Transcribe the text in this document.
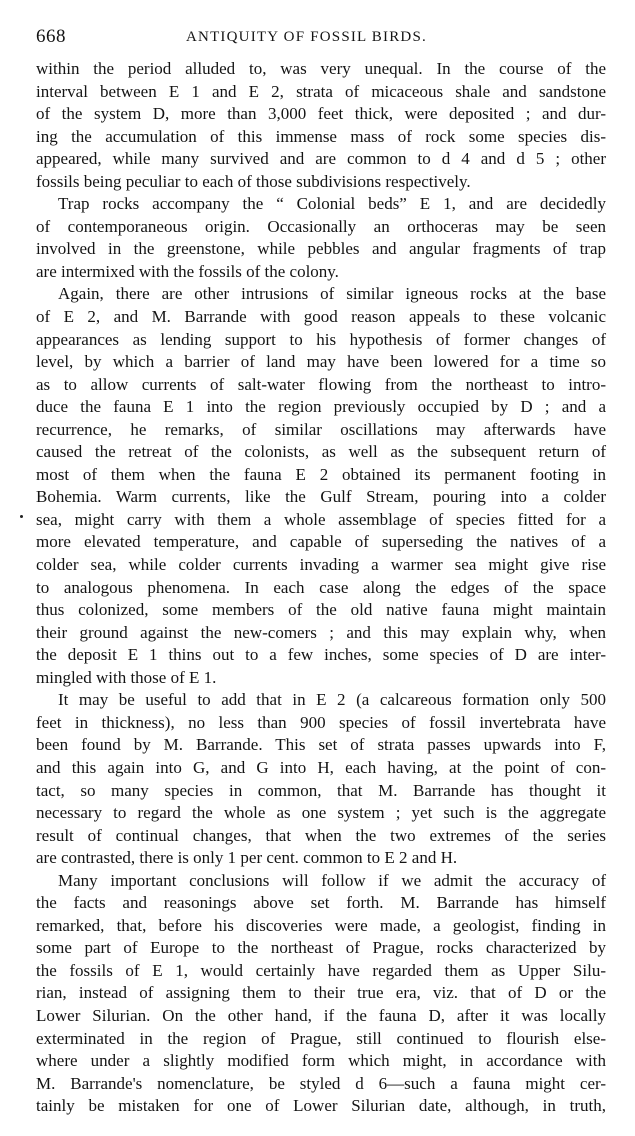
668	ANTIQUITY OF FOSSIL BIRDS.
within the period alluded to, was very unequal. In the course of the
interval between E 1 and E 2, strata of micaceous shale and sandstone
of the system D, more than 3,000 feet thick, were deposited ; and dur-
ing the accumulation of this immense mass of rock some species dis-
appeared, while many survived and are common to d 4 and d 5 ; other
fossils being peculiar to each of those subdivisions respectively.
Trap rocks accompany the “ Colonial beds” E 1, and are decidedly
of contemporaneous origin. Occasionally an orthoceras may be seen
involved in the greenstone, while pebbles and angular fragments of trap
are intermixed with the fossils of the colony.
Again, there are other intrusions of similar igneous rocks at the base
of E 2, and M. Barrande with good reason appeals to these volcanic
appearances as lending support to his hypothesis of former changes of
level, by which a barrier of land may have been lowered for a time so
as to allow currents of salt-water flowing from the northeast to intro-
duce the fauna E 1 into the region previously occupied by D ; and a
recurrence, he remarks, of similar oscillations may afterwards have
caused the retreat of the colonists, as well as the subsequent return of
most of them when the fauna E 2 obtained its permanent footing in
Bohemia. Warm currents, like the Gulf Stream, pouring into a colder
sea, might carry with them a whole assemblage of species fitted for a
more elevated temperature, and capable of superseding the natives of a
colder sea, while colder currents invading a warmer sea might give rise
to analogous phenomena. In each case along the edges of the space
thus colonized, some members of the old native fauna might maintain
their ground against the new-comers ; and this may explain why, when
the deposit E 1 thins out to a few inches, some species of D are inter-
mingled with those of E 1.
It may be useful to add that in E 2 (a calcareous formation only 500
feet in thickness), no less than 900 species of fossil invertebrata have
been found by M. Barrande. This set of strata passes upwards into F,
and this again into G, and G into H, each having, at the point of con-
tact, so many species in common, that M. Barrande has thought it
necessary to regard the whole as one system ; yet such is the aggregate
result of continual changes, that when the two extremes of the series
are contrasted, there is only 1 per cent. common to E 2 and H.
Many important conclusions will follow if we admit the accuracy of
the facts and reasonings above set forth. M. Barrande has himself
remarked, that, before his discoveries were made, a geologist, finding in
some part of Europe to the northeast of Prague, rocks characterized by
the fossils of E 1, would certainly have regarded them as Upper Silu-
rian, instead of assigning them to their true era, viz. that of D or the
Lower Silurian. On the other hand, if the fauna D, after it was locally
exterminated in the region of Prague, still continued to flourish else-
where under a slightly modified form which might, in accordance with
M. Barrande's nomenclature, be styled d 6—such a fauna might cer-
tainly be mistaken for one of Lower Silurian date, although, in truth,
